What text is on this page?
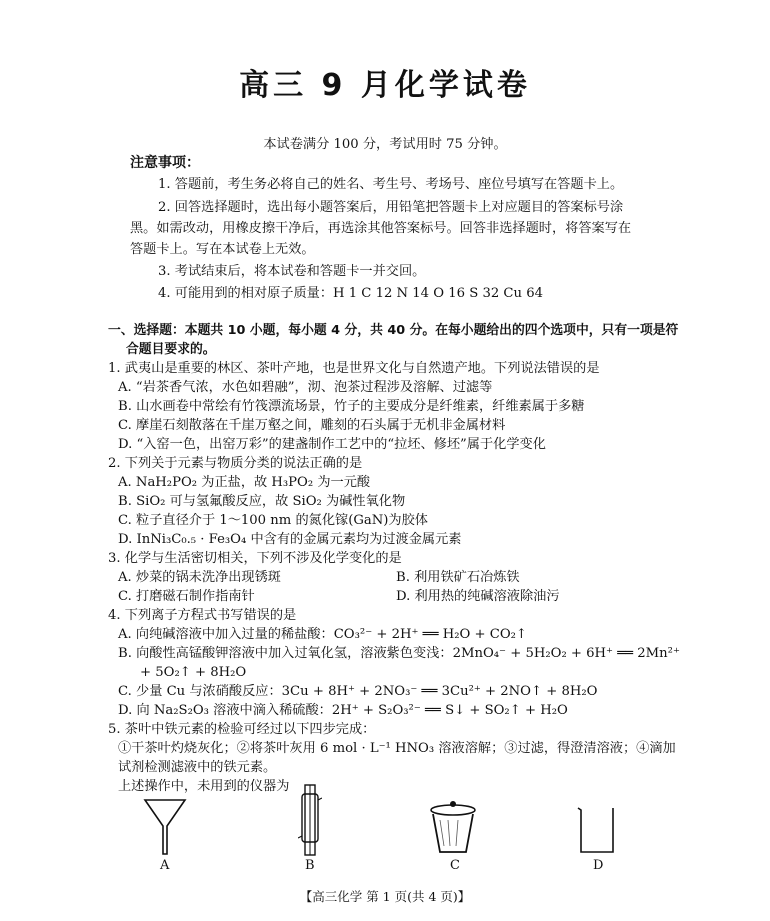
高三 9 月化学试卷
本试卷满分 100 分，考试用时 75 分钟。
注意事项：
1. 答题前，考生务必将自己的姓名、考生号、考场号、座位号填写在答题卡上。
2. 回答选择题时，选出每小题答案后，用铅笔把答题卡上对应题目的答案标号涂
黑。如需改动，用橡皮擦干净后，再选涂其他答案标号。回答非选择题时，将答案写在
答题卡上。写在本试卷上无效。
3. 考试结束后，将本试卷和答题卡一并交回。
4. 可能用到的相对原子质量：H 1 C 12 N 14 O 16 S 32 Cu 64
一、选择题：本题共 10 小题，每小题 4 分，共 40 分。在每小题给出的四个选项中，只有一项是符
合题目要求的。
1. 武夷山是重要的林区、茶叶产地，也是世界文化与自然遗产地。下列说法错误的是
A. “岩茶香气浓，水色如碧融”，沏、泡茶过程涉及溶解、过滤等
B. 山水画卷中常绘有竹筏漂流场景，竹子的主要成分是纤维素，纤维素属于多糖
C. 摩崖石刻散落在千崖万壑之间，雕刻的石头属于无机非金属材料
D. “入窑一色，出窑万彩”的建盏制作工艺中的“拉坯、修坯”属于化学变化
2. 下列关于元素与物质分类的说法正确的是
A. NaH₂PO₂ 为正盐，故 H₃PO₂ 为一元酸
B. SiO₂ 可与氢氟酸反应，故 SiO₂ 为碱性氧化物
C. 粒子直径介于 1～100 nm 的氮化镓(GaN)为胶体
D. InNi₃C₀.₅ · Fe₃O₄ 中含有的金属元素均为过渡金属元素
3. 化学与生活密切相关，下列不涉及化学变化的是
A. 炒菜的锅未洗净出现锈斑	B. 利用铁矿石冶炼铁
C. 打磨磁石制作指南针	D. 利用热的纯碱溶液除油污
4. 下列离子方程式书写错误的是
A. 向纯碱溶液中加入过量的稀盐酸：CO₃²⁻ + 2H⁺ ══ H₂O + CO₂↑
B. 向酸性高锰酸钾溶液中加入过氧化氢，溶液紫色变浅：2MnO₄⁻ + 5H₂O₂ + 6H⁺ ══ 2Mn²⁺
+ 5O₂↑ + 8H₂O
C. 少量 Cu 与浓硝酸反应：3Cu + 8H⁺ + 2NO₃⁻ ══ 3Cu²⁺ + 2NO↑ + 8H₂O
D. 向 Na₂S₂O₃ 溶液中滴入稀硫酸：2H⁺ + S₂O₃²⁻ ══ S↓ + SO₂↑ + H₂O
5. 茶叶中铁元素的检验可经过以下四步完成：
①干茶叶灼烧灰化；②将茶叶灰用 6 mol · L⁻¹ HNO₃ 溶液溶解；③过滤，得澄清溶液；④滴加
试剂检测滤液中的铁元素。
上述操作中，未用到的仪器为
A	B	C	D
【高三化学 第 1 页(共 4 页)】
